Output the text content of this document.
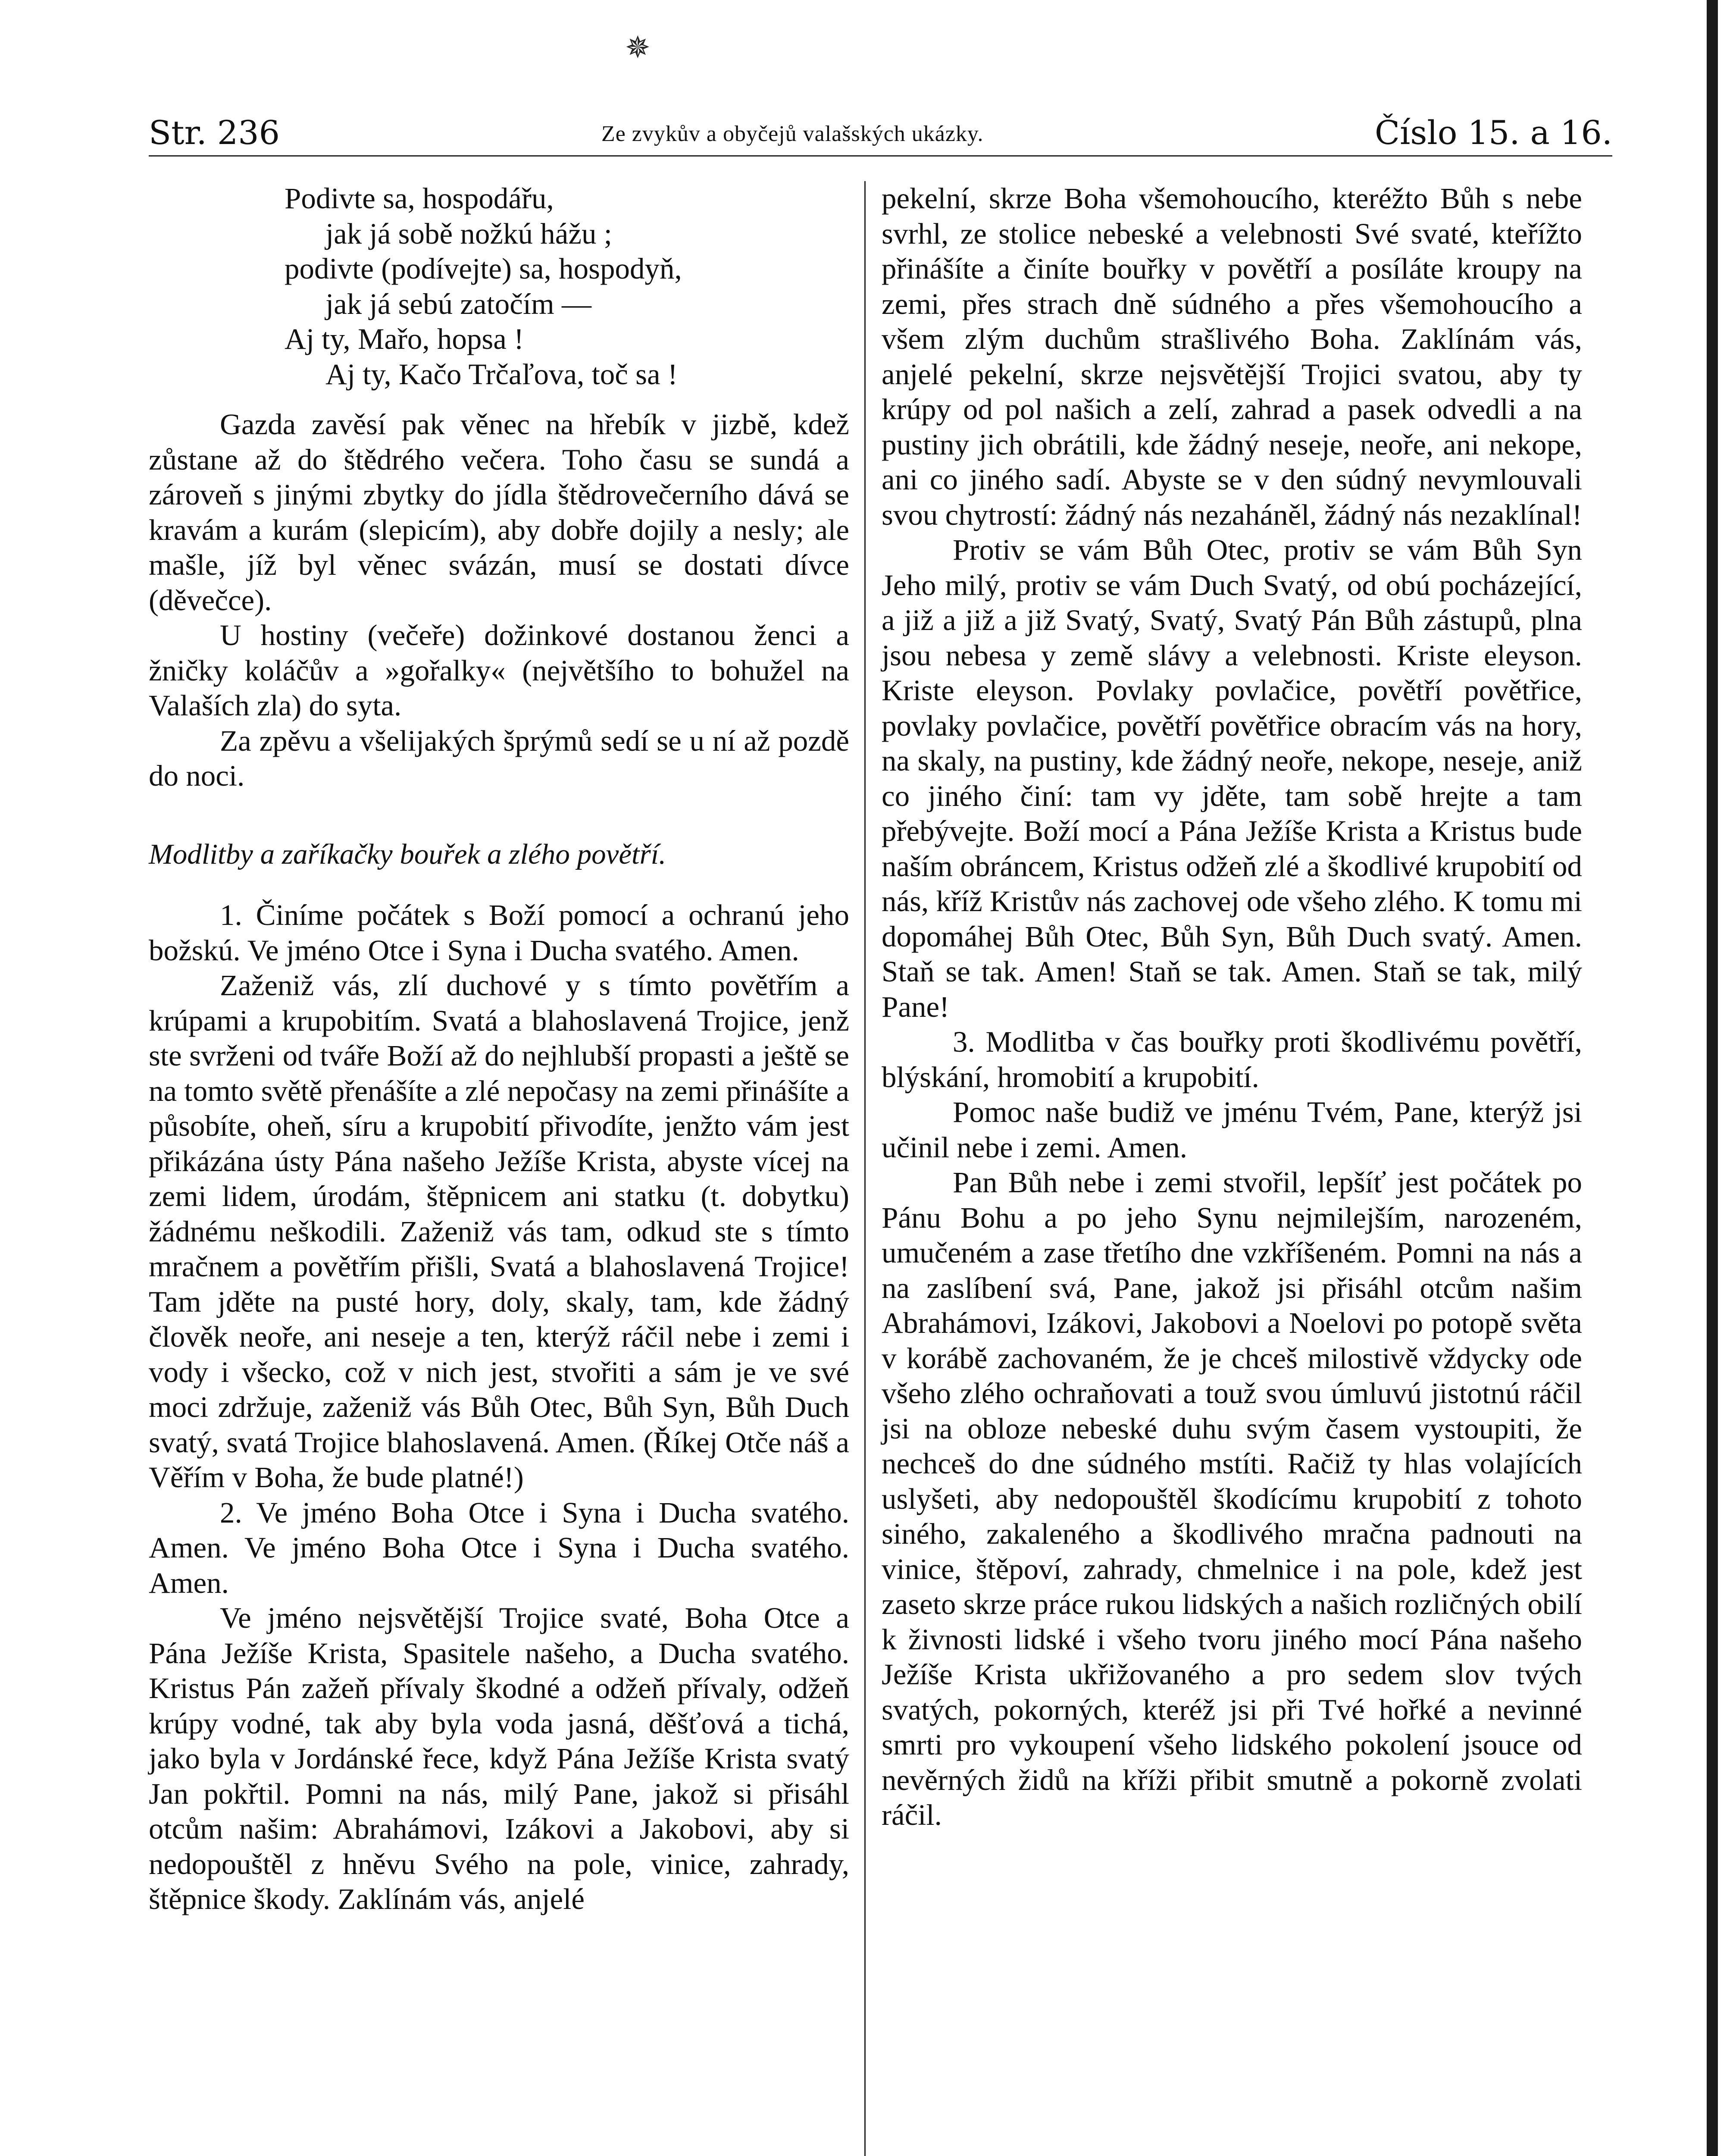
✵
Str. 236	Ze zvykův a obyčejů valašských ukázky.	Číslo 15. a 16.
Podivte sa, hospodářu,
jak já sobě nožkú hážu ;
podivte (podívejte) sa, hospodyň,
jak já sebú zatočím —
Aj ty, Mařo, hopsa !
Aj ty, Kačo Trčaľova, toč sa !

Gazda zavěsí pak věnec na hřebík v jizbě, kdež zůstane až do štědrého večera. Toho času se sundá a zároveň s jinými zbytky do jídla štědrovečerního dává se kravám a kurám (slepicím), aby dobře dojily a nesly; ale mašle, jíž byl věnec svázán, musí se dostati dívce (děvečce).

U hostiny (večeře) dožinkové dostanou ženci a žničky koláčův a »gořalky« (největšího to bohužel na Valaších zla) do syta.

Za zpěvu a všelijakých šprýmů sedí se u ní až pozdě do noci.

Modlitby a zaříkačky bouřek a zlého povětří.

1. Činíme počátek s Boží pomocí a ochranú jeho božskú. Ve jméno Otce i Syna i Ducha svatého. Amen.

Zaženiž vás, zlí duchové y s tímto povětřím a krúpami a krupobitím. Svatá a blahoslavená Trojice, jenž ste svrženi od tváře Boží až do nejhlubší propasti a ještě se na tomto světě přenášíte a zlé nepočasy na zemi přinášíte a působíte, oheň, síru a krupobití přivodíte, jenžto vám jest přikázána ústy Pána našeho Ježíše Krista, abyste vícej na zemi lidem, úrodám, štěpnicem ani statku (t. dobytku) žádnému neškodili. Zaženiž vás tam, odkud ste s tímto mračnem a povětřím přišli, Svatá a blahoslavená Trojice! Tam jděte na pusté hory, doly, skaly, tam, kde žádný člověk neoře, ani neseje a ten, kterýž ráčil nebe i zemi i vody i všecko, což v nich jest, stvořiti a sám je ve své moci zdržuje, zaženiž vás Bůh Otec, Bůh Syn, Bůh Duch svatý, svatá Trojice blahoslavená. Amen. (Říkej Otče náš a Věřím v Boha, že bude platné!)

2. Ve jméno Boha Otce i Syna i Ducha svatého. Amen. Ve jméno Boha Otce i Syna i Ducha svatého. Amen.

Ve jméno nejsvětější Trojice svaté, Boha Otce a Pána Ježíše Krista, Spasitele našeho, a Ducha svatého. Kristus Pán zažeň přívaly škodné a odžeň přívaly, odžeň krúpy vodné, tak aby byla voda jasná, děšťová a tichá, jako byla v Jordánské řece, když Pána Ježíše Krista svatý Jan pokřtil. Pomni na nás, milý Pane, jakož si přisáhl otcům našim: Abrahámovi, Izákovi a Jakobovi, aby si nedopouštěl z hněvu Svého na pole, vinice, zahrady, štěpnice škody. Zaklínám vás, anjelé

pekelní, skrze Boha všemohoucího, kteréžto Bůh s nebe svrhl, ze stolice nebeské a velebnosti Své svaté, kteřížto přinášíte a činíte bouřky v povětří a posíláte kroupy na zemi, přes strach dně súdného a přes všemohoucího a všem zlým duchům strašlivého Boha. Zaklínám vás, anjelé pekelní, skrze nejsvětější Trojici svatou, aby ty krúpy od pol našich a zelí, zahrad a pasek odvedli a na pustiny jich obrátili, kde žádný neseje, neoře, ani nekope, ani co jiného sadí. Abyste se v den súdný nevymlouvali svou chytrostí: žádný nás nezaháněl, žádný nás nezaklínal!

Protiv se vám Bůh Otec, protiv se vám Bůh Syn Jeho milý, protiv se vám Duch Svatý, od obú pocházející, a již a již a již Svatý, Svatý, Svatý Pán Bůh zástupů, plna jsou nebesa y země slávy a velebnosti. Kriste eleyson. Kriste eleyson. Povlaky povlačice, povětří povětřice, povlaky povlačice, povětří povětřice obracím vás na hory, na skaly, na pustiny, kde žádný neoře, nekope, neseje, aniž co jiného činí: tam vy jděte, tam sobě hrejte a tam přebývejte. Boží mocí a Pána Ježíše Krista a Kristus bude naším obráncem, Kristus odžeň zlé a škodlivé krupobití od nás, kříž Kristův nás zachovej ode všeho zlého. K tomu mi dopomáhej Bůh Otec, Bůh Syn, Bůh Duch svatý. Amen. Staň se tak. Amen! Staň se tak. Amen. Staň se tak, milý Pane!

3. Modlitba v čas bouřky proti škodlivému povětří, blýskání, hromobití a krupobití.

Pomoc naše budiž ve jménu Tvém, Pane, kterýž jsi učinil nebe i zemi. Amen.

Pan Bůh nebe i zemi stvořil, lepšíť jest počátek po Pánu Bohu a po jeho Synu nejmilejším, narozeném, umučeném a zase třetího dne vzkříšeném. Pomni na nás a na zaslíbení svá, Pane, jakož jsi přisáhl otcům našim Abrahámovi, Izákovi, Jakobovi a Noelovi po potopě světa v korábě zachovaném, že je chceš milostivě vždycky ode všeho zlého ochraňovati a touž svou úmluvú jistotnú ráčil jsi na obloze nebeské duhu svým časem vystoupiti, že nechceš do dne súdného mstíti. Račiž ty hlas volajících uslyšeti, aby nedopouštěl škodícímu krupobití z tohoto siného, zakaleného a škodlivého mračna padnouti na vinice, štěpoví, zahrady, chmelnice i na pole, kdež jest zaseto skrze práce rukou lidských a našich rozličných obilí k živnosti lidské i všeho tvoru jiného mocí Pána našeho Ježíše Krista ukřižovaného a pro sedem slov tvých svatých, pokorných, kteréž jsi při Tvé hořké a nevinné smrti pro vykoupení všeho lidského pokolení jsouce od nevěrných židů na kříži přibit smutně a pokorně zvolati ráčil.
